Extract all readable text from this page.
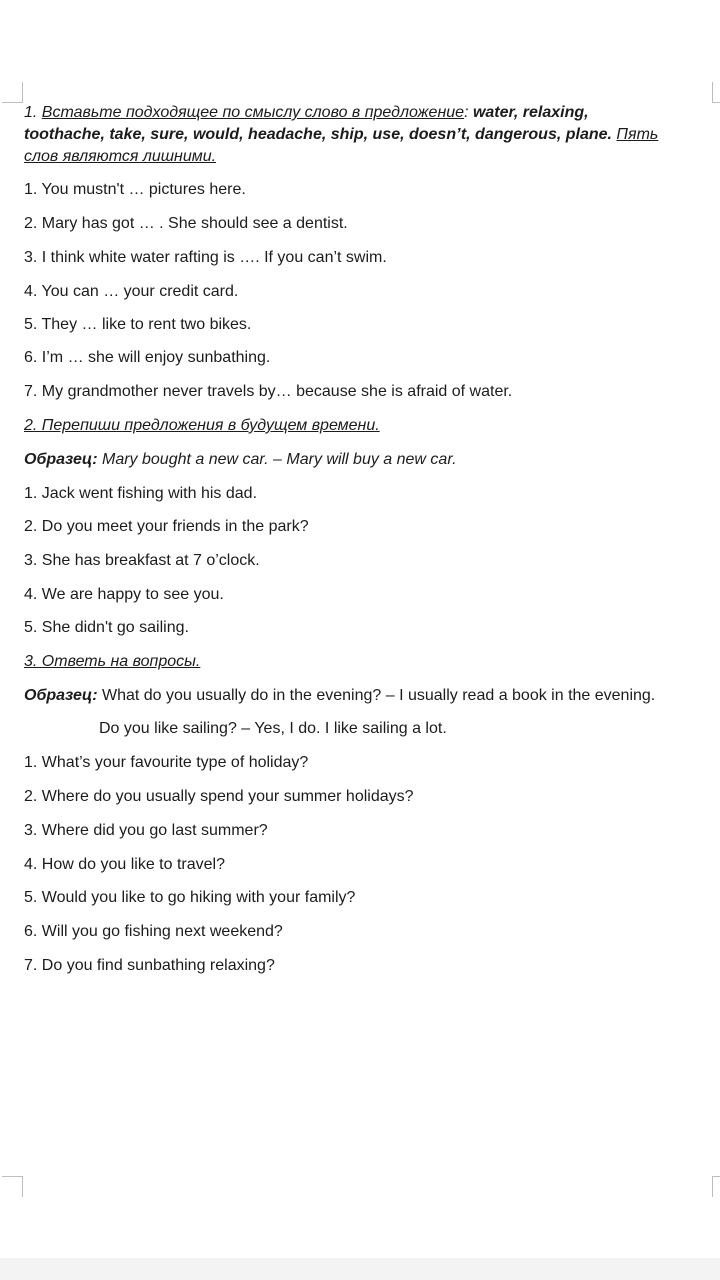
1. Вставьте подходящее по смыслу слово в предложение: water, relaxing,
toothache, take, sure, would, headache, ship, use, doesn’t, dangerous, plane. Пять
слов являются лишними.
1. You mustn't … pictures here.
2. Mary has got … . She should see a dentist.
3. I think white water rafting is …. If you can’t swim.
4. You can … your credit card.
5. They … like to rent two bikes.
6. I’m … she will enjoy sunbathing.
7. My grandmother never travels by… because she is afraid of water.
2. Перепиши предложения в будущем времени.
Образец: Mary bought a new car. – Mary will buy a new car.
1. Jack went fishing with his dad.
2. Do you meet your friends in the park?
3. She has breakfast at 7 o’clock.
4. We are happy to see you.
5. She didn't go sailing.
3. Ответь на вопросы.
Образец: What do you usually do in the evening? – I usually read a book in the evening.
Do you like sailing? – Yes, I do. I like sailing a lot.
1. What’s your favourite type of holiday?
2. Where do you usually spend your summer holidays?
3. Where did you go last summer?
4. How do you like to travel?
5. Would you like to go hiking with your family?
6. Will you go fishing next weekend?
7. Do you find sunbathing relaxing?
